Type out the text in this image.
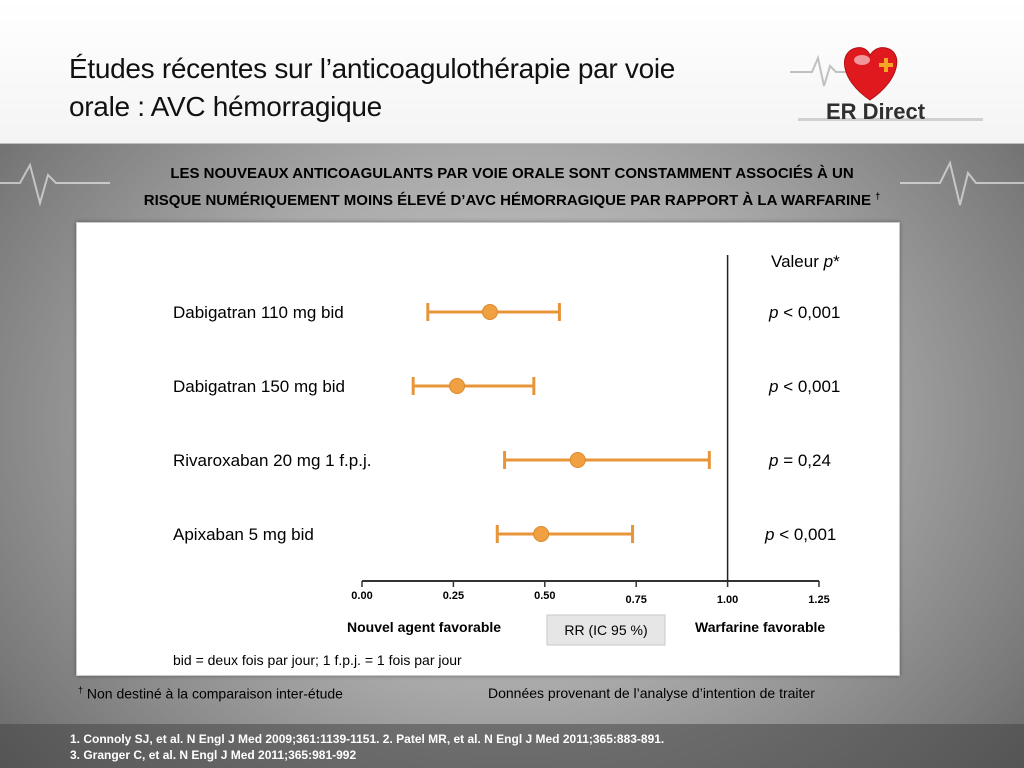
Études récentes sur l’anticoagulothérapie par voie
orale : AVC hémorragique	ER Direct
LES NOUVEAUX ANTICOAGULANTS PAR VOIE ORALE SONT CONSTAMMENT ASSOCIÉS À UN
RISQUE NUMÉRIQUEMENT MOINS ÉLEVÉ D’AVC HÉMORRAGIQUE PAR RAPPORT À LA WARFARINE †
0.00	0.25	0.50	0.75	1.00	1.25
Dabigatran 110 mg bid	p < 0,001
Dabigatran 150 mg bid	p < 0,001
Rivaroxaban 20 mg 1 f.p.j.	p = 0,24
Apixaban 5 mg bid	p < 0,001
Valeur p*
Nouvel agent favorable	Warfarine favorable
RR (IC 95 %)
bid = deux fois par jour; 1 f.p.j. = 1 fois par jour
† Non destiné à la comparaison inter-étude	Données provenant de l’analyse d’intention de traiter
1. Connoly SJ, et al. N Engl J Med 2009;361:1139-1151. 2. Patel MR, et al. N Engl J Med 2011;365:883-891.
3. Granger C, et al. N Engl J Med 2011;365:981-992
